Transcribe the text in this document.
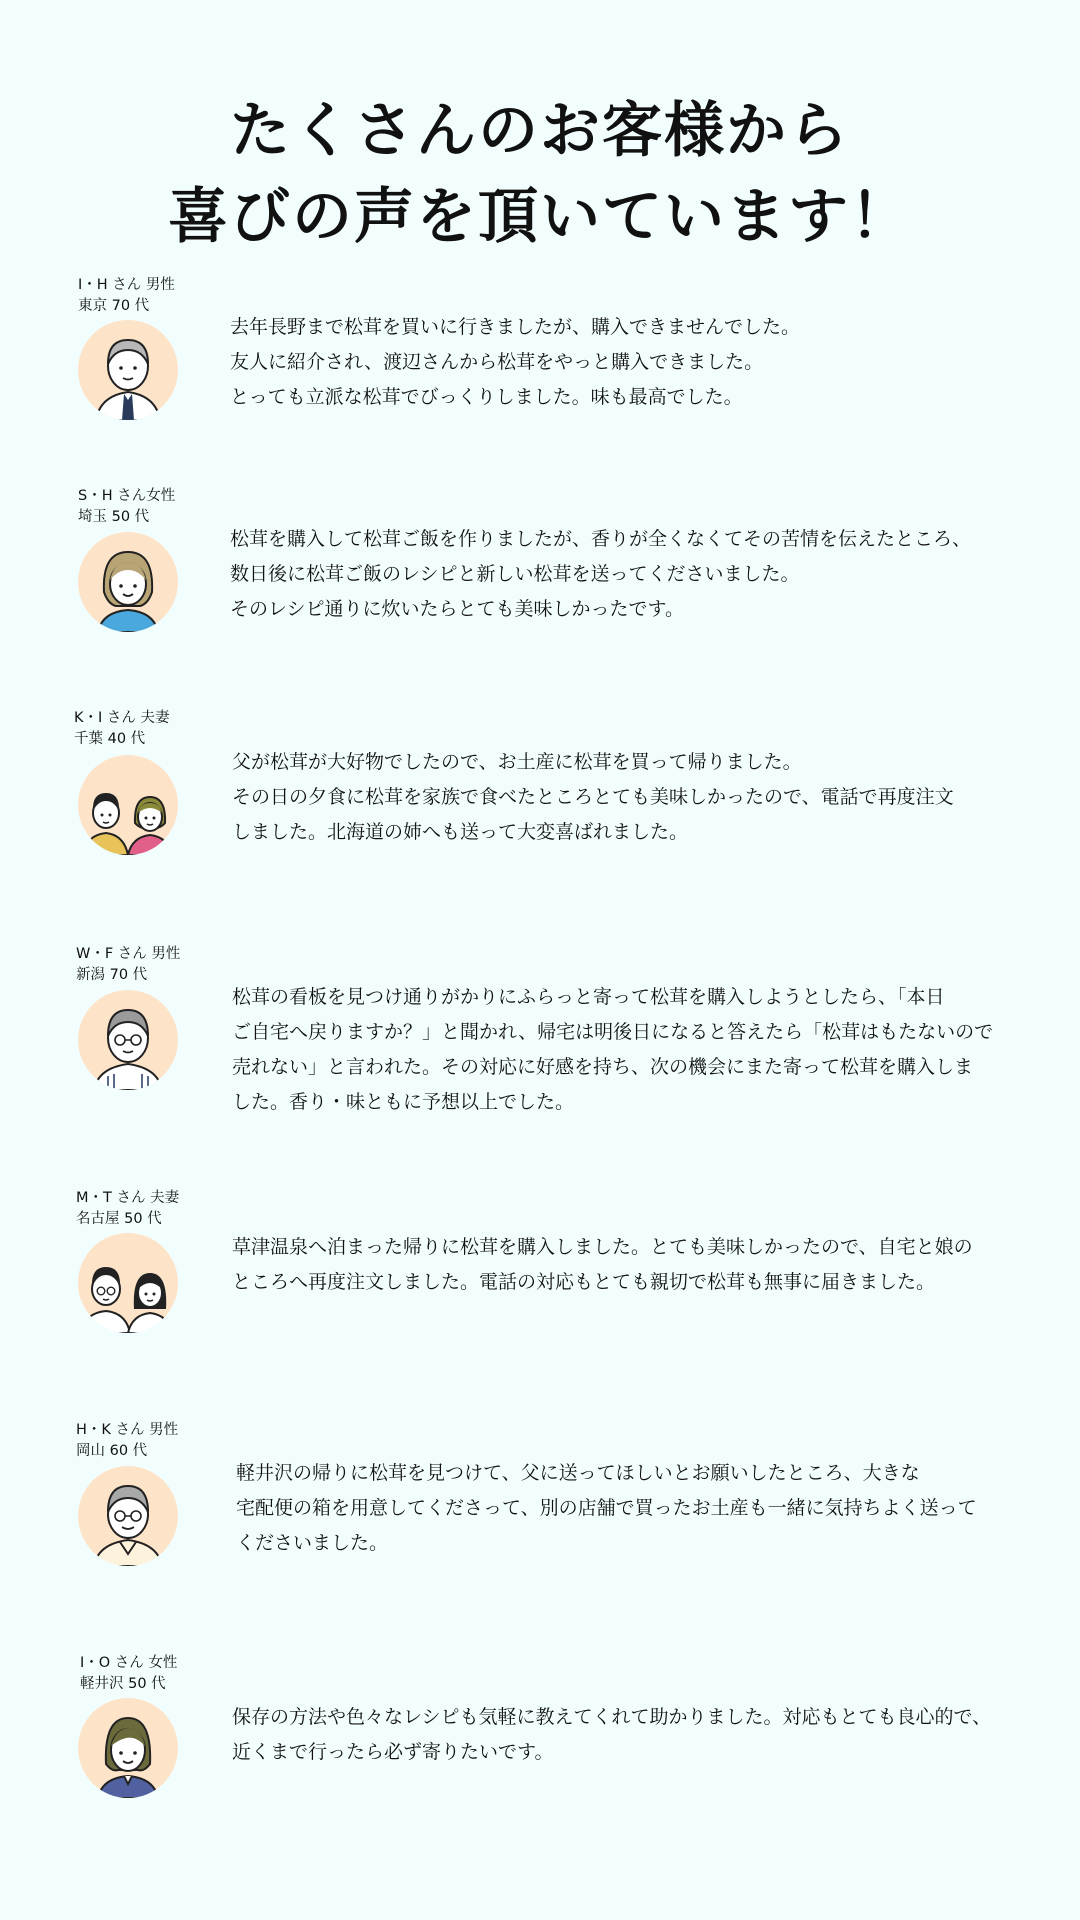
たくさんのお客様から
喜びの声を頂いています！
I・H さん 男性
東京 70 代
去年長野まで松茸を買いに行きましたが、購入できませんでした。
友人に紹介され、渡辺さんから松茸をやっと購入できました。
とっても立派な松茸でびっくりしました。味も最高でした。
S・H さん女性
埼玉 50 代
松茸を購入して松茸ご飯を作りましたが、香りが全くなくてその苦情を伝えたところ、
数日後に松茸ご飯のレシピと新しい松茸を送ってくださいました。
そのレシピ通りに炊いたらとても美味しかったです。
K・I さん 夫妻
千葉 40 代
父が松茸が大好物でしたので、お土産に松茸を買って帰りました。
その日の夕食に松茸を家族で食べたところとても美味しかったので、電話で再度注文
しました。北海道の姉へも送って大変喜ばれました。
W・F さん 男性
新潟 70 代
松茸の看板を見つけ通りがかりにふらっと寄って松茸を購入しようとしたら、「本日
ご自宅へ戻りますか？」と聞かれ、帰宅は明後日になると答えたら「松茸はもたないので
売れない」と言われた。その対応に好感を持ち、次の機会にまた寄って松茸を購入しま
した。香り・味ともに予想以上でした。
M・T さん 夫妻
名古屋 50 代
草津温泉へ泊まった帰りに松茸を購入しました。とても美味しかったので、自宅と娘の
ところへ再度注文しました。電話の対応もとても親切で松茸も無事に届きました。
H・K さん 男性
岡山 60 代
軽井沢の帰りに松茸を見つけて、父に送ってほしいとお願いしたところ、大きな
宅配便の箱を用意してくださって、別の店舗で買ったお土産も一緒に気持ちよく送って
くださいました。
I・O さん 女性
軽井沢 50 代
保存の方法や色々なレシピも気軽に教えてくれて助かりました。対応もとても良心的で、
近くまで行ったら必ず寄りたいです。
